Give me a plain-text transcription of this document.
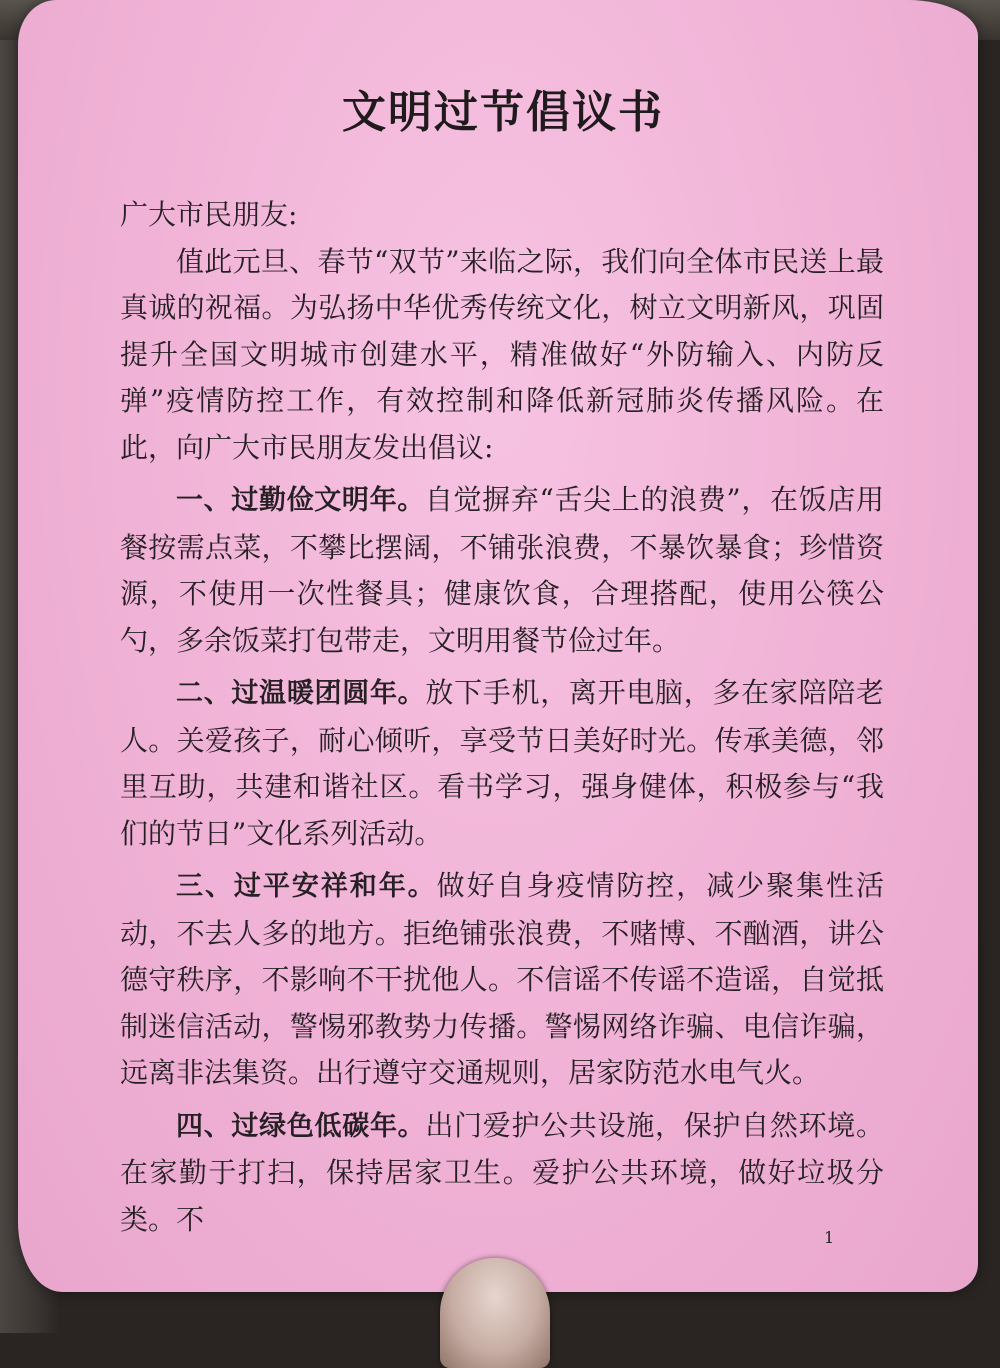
文明过节倡议书

广大市民朋友:

值此元旦、春节“双节”来临之际，我们向全体市民送上最真诚的祝福。为弘扬中华优秀传统文化，树立文明新风，巩固提升全国文明城市创建水平，精准做好“外防输入、内防反弹”疫情防控工作，有效控制和降低新冠肺炎传播风险。在此，向广大市民朋友发出倡议:

一、过勤俭文明年。自觉摒弃“舌尖上的浪费”，在饭店用餐按需点菜，不攀比摆阔，不铺张浪费，不暴饮暴食；珍惜资源，不使用一次性餐具；健康饮食，合理搭配，使用公筷公勺，多余饭菜打包带走，文明用餐节俭过年。

二、过温暖团圆年。放下手机，离开电脑，多在家陪陪老人。关爱孩子，耐心倾听，享受节日美好时光。传承美德，邻里互助，共建和谐社区。看书学习，强身健体，积极参与“我们的节日”文化系列活动。

三、过平安祥和年。做好自身疫情防控，减少聚集性活动，不去人多的地方。拒绝铺张浪费，不赌博、不酗酒，讲公德守秩序，不影响不干扰他人。不信谣不传谣不造谣，自觉抵制迷信活动，警惕邪教势力传播。警惕网络诈骗、电信诈骗，远离非法集资。出行遵守交通规则，居家防范水电气火。

四、过绿色低碳年。出门爱护公共设施，保护自然环境。在家勤于打扫，保持居家卫生。爱护公共环境，做好垃圾分类。不

1
